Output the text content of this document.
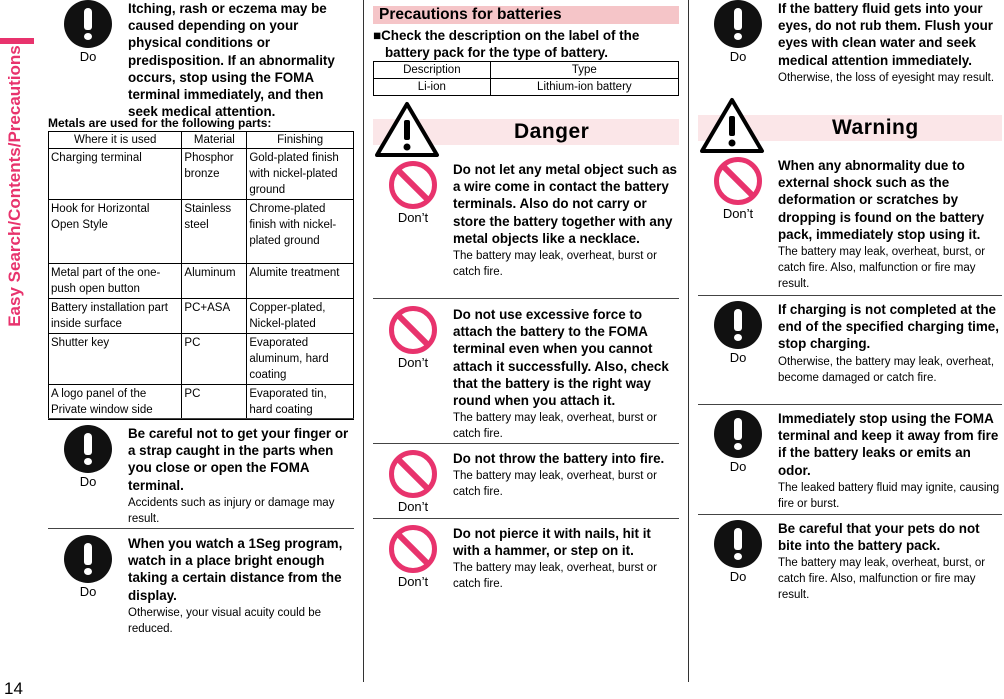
Easy Search/Contents/Precautions
14
Do
Itching, rash or eczema may be caused depending on your physical conditions or predisposition. If an abnormality occurs, stop using the FOMA terminal immediately, and then seek medical attention.
Metals are used for the following parts:
Where it is used	Material	Finishing
Charging terminal	Phosphor bronze	Gold-plated finish with nickel-plated ground
Hook for Horizontal Open Style	Stainless steel	Chrome-plated finish with nickel-plated ground
Metal part of the one-push open button	Aluminum	Alumite treatment
Battery installation part inside surface	PC+ASA	Copper-plated, Nickel-plated
Shutter key	PC	Evaporated aluminum, hard coating
A logo panel of the Private window side	PC	Evaporated tin, hard coating
Do
Be careful not to get your finger or a strap caught in the parts when you close or open the FOMA terminal.
Accidents such as injury or damage may result.
Do
When you watch a 1Seg program, watch in a place bright enough taking a certain distance from the display.
Otherwise, your visual acuity could be reduced.
Precautions for batteries
■Check the description on the label of the battery pack for the type of battery.
Description	Type
Li-ion	Lithium-ion battery
Danger
Don’t
Do not let any metal object such as a wire come in contact the battery terminals. Also do not carry or store the battery together with any metal objects like a necklace.
The battery may leak, overheat, burst or catch fire.
Don’t
Do not use excessive force to attach the battery to the FOMA terminal even when you cannot attach it successfully. Also, check that the battery is the right way round when you attach it.
The battery may leak, overheat, burst or catch fire.
Don’t
Do not throw the battery into fire.
The battery may leak, overheat, burst or catch fire.
Don’t
Do not pierce it with nails, hit it with a hammer, or step on it.
The battery may leak, overheat, burst or catch fire.
Do
If the battery fluid gets into your eyes, do not rub them. Flush your eyes with clean water and seek medical attention immediately.
Otherwise, the loss of eyesight may result.
Warning
Don’t
When any abnormality due to external shock such as the deformation or scratches by dropping is found on the battery pack, immediately stop using it.
The battery may leak, overheat, burst, or catch fire. Also, malfunction or fire may result.
Do
If charging is not completed at the end of the specified charging time, stop charging.
Otherwise, the battery may leak, overheat, become damaged or catch fire.
Do
Immediately stop using the FOMA terminal and keep it away from fire if the battery leaks or emits an odor.
The leaked battery fluid may ignite, causing fire or burst.
Do
Be careful that your pets do not bite into the battery pack.
The battery may leak, overheat, burst, or catch fire. Also, malfunction or fire may result.
